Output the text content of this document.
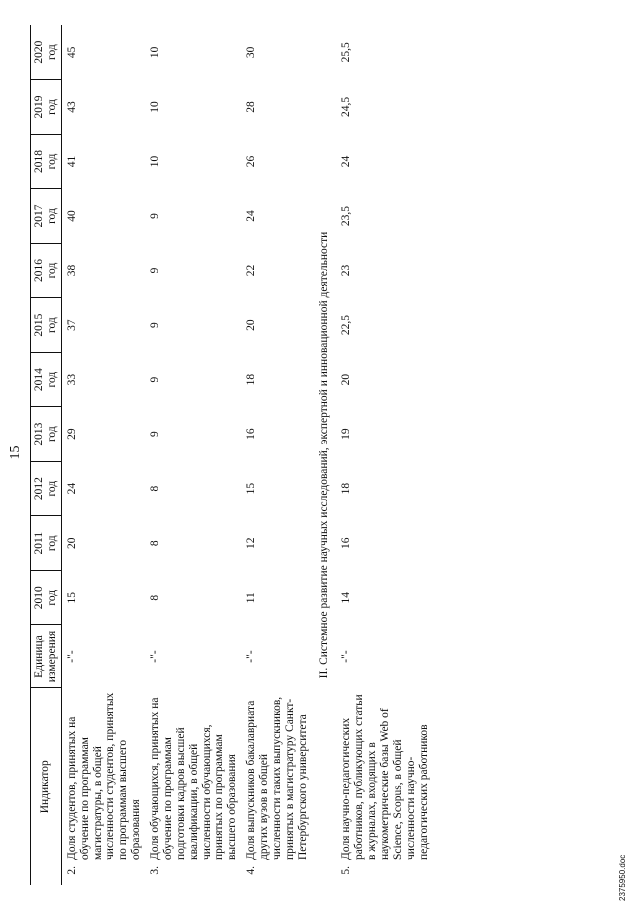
15
Индикатор		Единица измерения	2010 год	2011 год	2012 год	2013 год	2014 год	2015 год	2016 год	2017 год	2018 год	2019 год	2020 год

2.	Доля студентов, принятых на обучение по программам магистратуры, в общей численности студентов, принятых по программам высшего образования	-"-	15	20	24	29	33	37	38	40	41	43	45
3.	Доля обучающихся, принятых на обучение по программам подготовки кадров высшей квалификации, в общей численности обучающихся, принятых по программам высшего образования	-"-	8	8	8	9	9	9	9	9	10	10	10
4.	Доля выпускников бакалавриата других вузов в общей численности таких выпускников, принятых в магистратуру Санкт-Петербургского университета	-"-	11	12	15	16	18	20	22	24	26	28	30
II. Системное развитие научных исследований, экспертной и инновационной деятельности													
5.	Доля научно-педагогических работников, публикующих статьи в журналах, входящих в наукометрические базы Web of Science, Scopus, в общей численности научно-педагогических работников	-"-	14	16	18	19	20	22,5	23	23,5	24	24,5	25,5
2375950.doc
